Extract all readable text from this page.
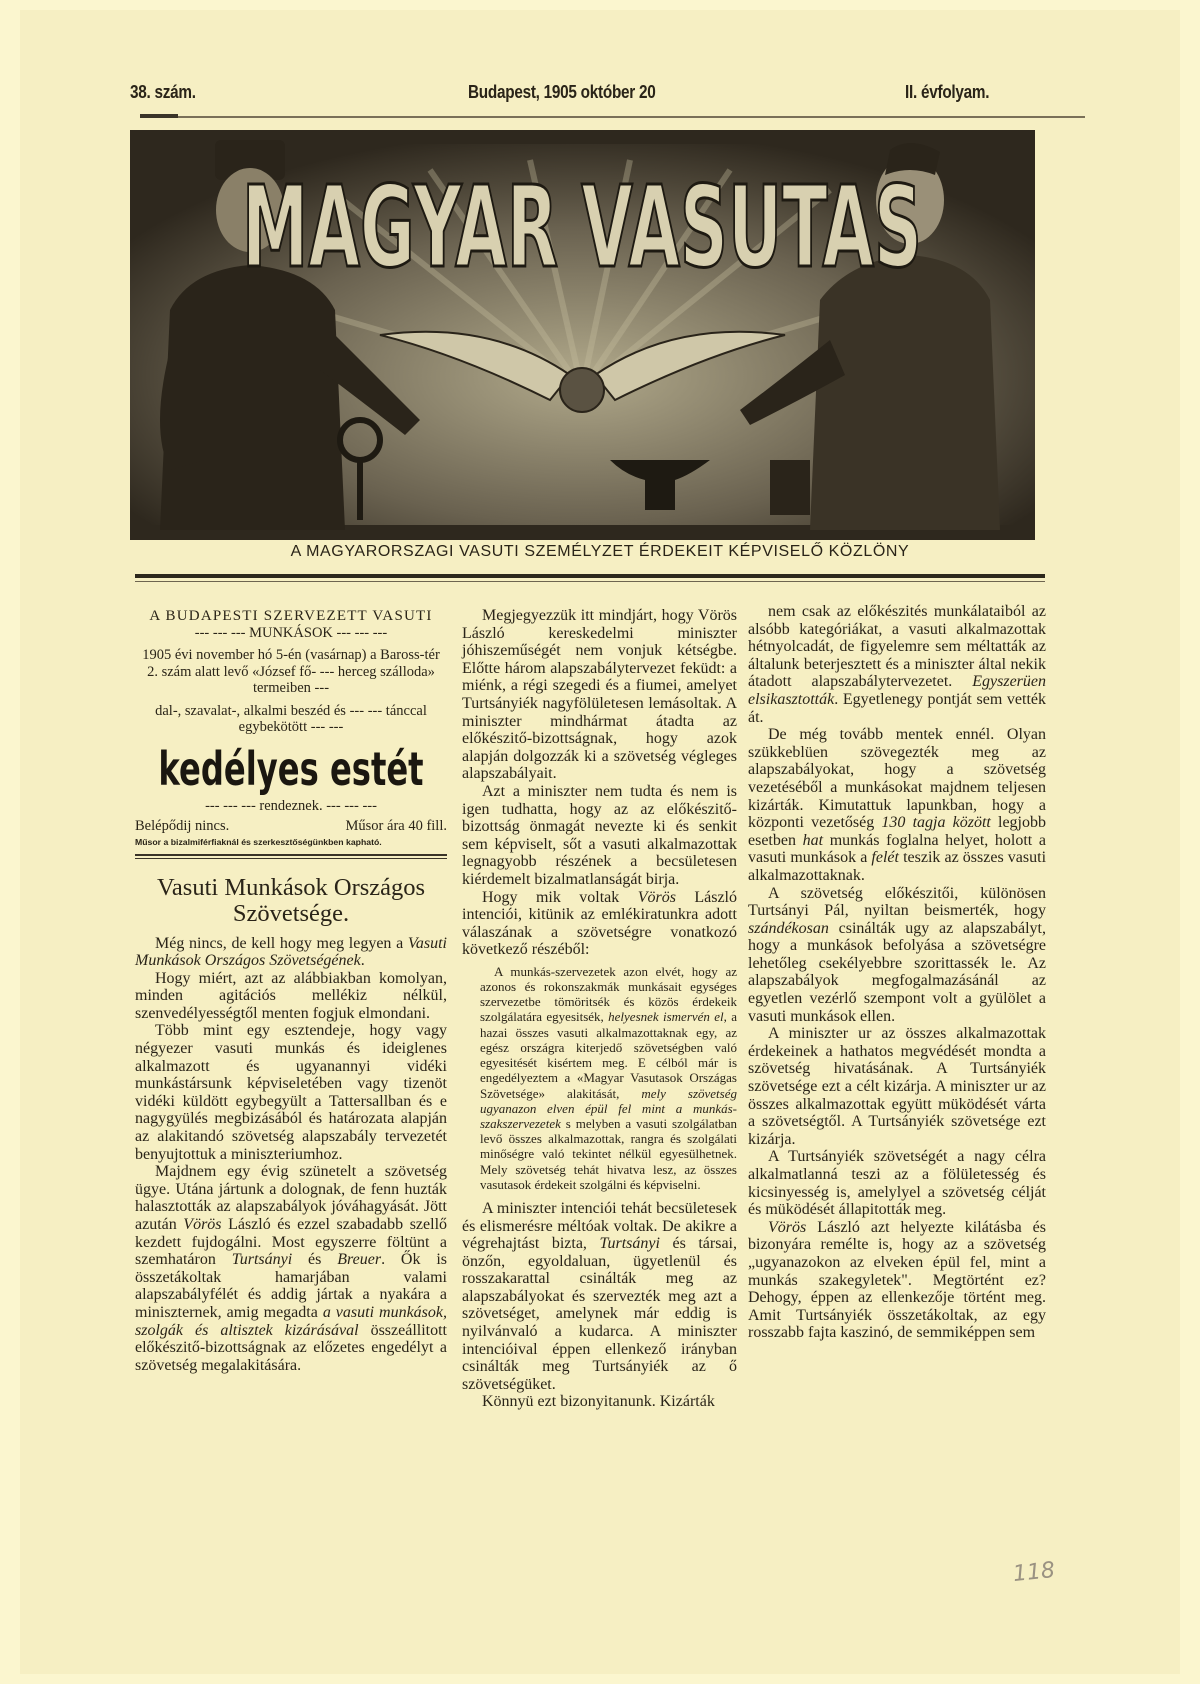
38. szám.	Budapest, 1905 október 20	II. évfolyam.
MAGYAR VASUTAS
A MAGYARORSZAGI VASUTI SZEMÉLYZET ÉRDEKEIT KÉPVISELŐ KÖZLÖNY
A BUDAPESTI SZERVEZETT VASUTI
--- --- --- MUNKÁSOK --- --- ---
1905 évi november hó 5-én (vasárnap) a Baross-tér 2. szám alatt levő «József fő- --- herceg szálloda» termeiben ---
dal-, szavalat-, alkalmi beszéd és --- --- tánccal egybekötött --- ---
kedélyes estét
--- --- --- rendeznek. --- --- ---
Belépődij nincs.	Műsor ára 40 fill.
Műsor a bizalmiférfiaknál és szerkesztőségünkben kapható.
Vasuti Munkások Országos Szövetsége.

Még nincs, de kell hogy meg legyen a Vasuti Munkások Országos Szövetségének.

Hogy miért, azt az alábbiakban komolyan, minden agitációs mellékiz nélkül, szenvedélyességtől menten fogjuk elmondani.

Több mint egy esztendeje, hogy vagy négyezer vasuti munkás és ideiglenes alkalmazott és ugyanannyi vidéki munkástársunk képviseletében vagy tizenöt vidéki küldött egybegyült a Tattersallban és e nagygyülés megbizásából és határozata alapján az alakitandó szövetség alapszabály tervezetét benyujtottuk a miniszteriumhoz.

Majdnem egy évig szünetelt a szövetség ügye. Utána jártunk a dolognak, de fenn huzták halasztották az alapszabályok jóváhagyását. Jött azután Vörös László és ezzel szabadabb szellő kezdett fujdogálni. Most egyszerre föltünt a szemhatáron Turtsányi és Breuer. Ők is összetákoltak hamarjában valami alapszabályfélét és addig jártak a nyakára a miniszternek, amig megadta a vasuti munkások, szolgák és altisztek kizárásával összeállitott előkészitő-bizottságnak az előzetes engedélyt a szövetség megalakitására.

Megjegyezzük itt mindjárt, hogy Vörös László kereskedelmi miniszter jóhiszeműségét nem vonjuk kétségbe. Előtte három alapszabálytervezet feküdt: a miénk, a régi szegedi és a fiumei, amelyet Turtsányiék nagyfölületesen lemásoltak. A miniszter mindhármat átadta az előkészitő-bizottságnak, hogy azok alapján dolgozzák ki a szövetség végleges alapszabályait.

Azt a miniszter nem tudta és nem is igen tudhatta, hogy az az előkészitő-bizottság önmagát nevezte ki és senkit sem képviselt, sőt a vasuti alkalmazottak legnagyobb részének a becsületesen kiérdemelt bizalmatlanságát birja.

Hogy mik voltak Vörös László intenciói, kitünik az emlékiratunkra adott válaszának a szövetségre vonatkozó következő részéből:

A munkás-szervezetek azon elvét, hogy az azonos és rokonszakmák munkásait egységes szervezetbe tömöritsék és közös érdekeik szolgálatára egyesitsék, helyesnek ismervén el, a hazai összes vasuti alkalmazottaknak egy, az egész országra kiterjedő szövetségben való egyesitését kisértem meg. E célból már is engedélyeztem a «Magyar Vasutasok Országas Szövetsége» alakitását, mely szövetség ugyanazon elven épül fel mint a munkás-szakszervezetek s melyben a vasuti szolgálatban levő összes alkalmazottak, rangra és szolgálati minőségre való tekintet nélkül egyesülhetnek. Mely szövetség tehát hivatva lesz, az összes vasutasok érdekeit szolgálni és képviselni.

A miniszter intenciói tehát becsületesek és elismerésre méltóak voltak. De akikre a végrehajtást bizta, Turtsányi és társai, önzőn, egyoldaluan, ügyetlenül és rosszakarattal csinálták meg az alapszabályokat és szervezték meg azt a szövetséget, amelynek már eddig is nyilvánvaló a kudarca. A miniszter intencióival éppen ellenkező irányban csinálták meg Turtsányiék az ő szövetségüket.

Könnyü ezt bizonyitanunk. Kizárták

nem csak az előkészités munkálataiból az alsóbb kategóriákat, a vasuti alkalmazottak hétnyolcadát, de figyelemre sem méltatták az általunk beterjesztett és a miniszter által nekik átadott alapszabálytervezetet. Egyszerüen elsikasztották. Egyetlenegy pontját sem vették át.

De még tovább mentek ennél. Olyan szükkeblüen szövegezték meg az alapszabályokat, hogy a szövetség vezetéséből a munkásokat majdnem teljesen kizárták. Kimutattuk lapunkban, hogy a központi vezetőség 130 tagja között legjobb esetben hat munkás foglalna helyet, holott a vasuti munkások a felét teszik az összes vasuti alkalmazottaknak.

A szövetség előkészitői, különösen Turtsányi Pál, nyiltan beismerték, hogy szándékosan csinálták ugy az alapszabályt, hogy a munkások befolyása a szövetségre lehetőleg csekélyebbre szorittassék le. Az alapszabályok megfogalmazásánál az egyetlen vezérlő szempont volt a gyülölet a vasuti munkások ellen.

A miniszter ur az összes alkalmazottak érdekeinek a hathatos megvédését mondta a szövetség hivatásának. A Turtsányiék szövetsége ezt a célt kizárja. A miniszter ur az összes alkalmazottak együtt müködését várta a szövetségtől. A Turtsányiék szövetsége ezt kizárja.

A Turtsányiék szövetségét a nagy célra alkalmatlanná teszi az a fölületesség és kicsinyesség is, amelylyel a szövetség célját és müködését állapitották meg.

Vörös László azt helyezte kilátásba és bizonyára remélte is, hogy az a szövetség „ugyanazokon az elveken épül fel, mint a munkás szakegyletek". Megtörtént ez? Dehogy, éppen az ellenkezője történt meg. Amit Turtsányiék összetákoltak, az egy rosszabb fajta kaszinó, de semmiképpen sem

118
